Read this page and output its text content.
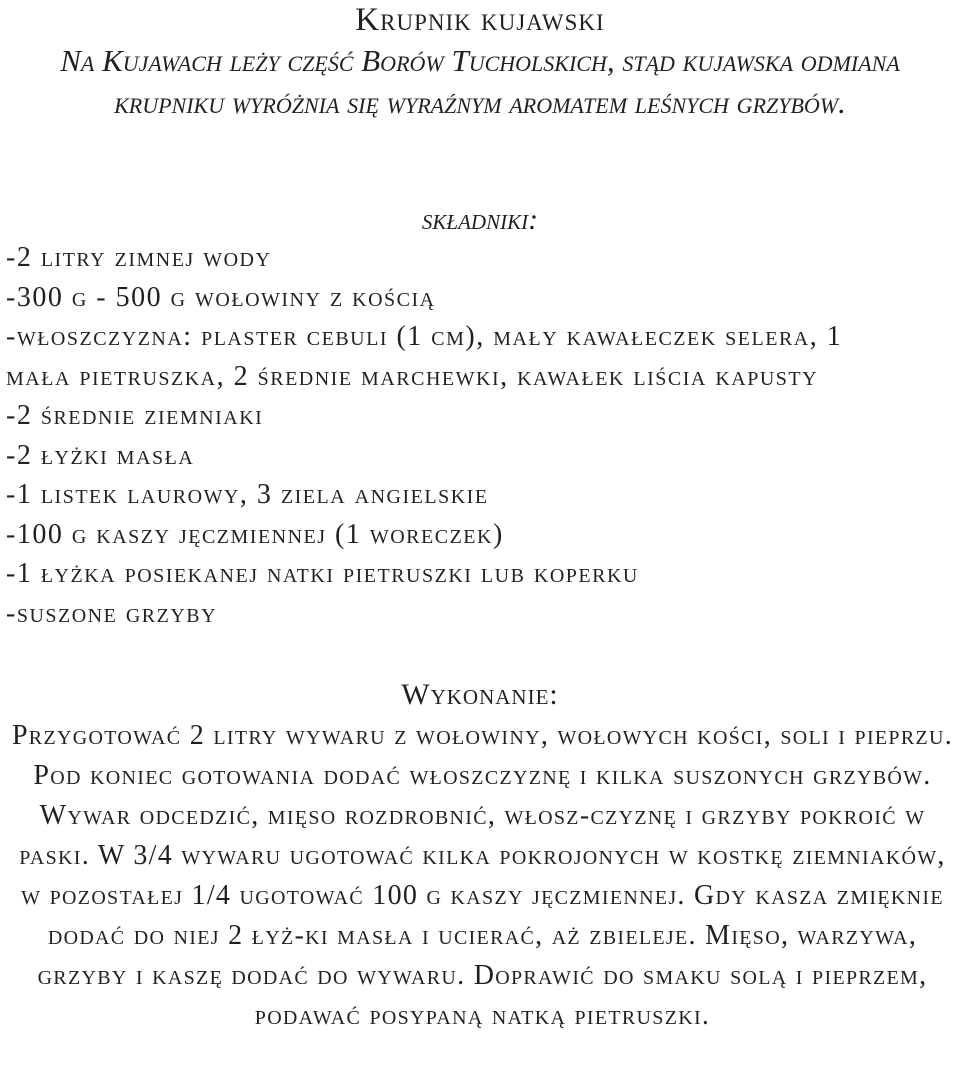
Krupnik kujawski
Na Kujawach leży część Borów Tucholskich, stąd kujawska odmiana krupniku wyróżnia się wyraźnym aromatem leśnych grzybów.
składniki:
-2 litry zimnej wody
-300 g - 500 g wołowiny z kością
-włoszczyzna: plaster cebuli (1 cm), mały kawałeczek selera, 1
mała pietruszka, 2 średnie marchewki, kawałek liścia kapusty
-2 średnie ziemniaki
-2 łyżki masła
-1 listek laurowy, 3 ziela angielskie
-100 g kaszy jęczmiennej (1 woreczek)
-1 łyżka posiekanej natki pietruszki lub koperku
-suszone grzyby
Wykonanie:

Przygotować 2 litry wywaru z wołowiny, wołowych kości, soli i pieprzu. Pod koniec gotowania dodać włoszczyznę i kilka suszonych grzybów. Wywar odcedzić, mięso rozdrobnić, włosz-czyznę i grzyby pokroić w paski. W 3/4 wywaru ugotować kilka pokrojonych w kostkę ziemniaków, w pozostałej 1/4 ugotować 100 g kaszy jęczmiennej. Gdy kasza zmięknie dodać do niej 2 łyż-ki masła i ucierać, aż zbieleje. Mięso, warzywa, grzyby i kaszę dodać do wywaru. Doprawić do smaku solą i pieprzem, podawać posypaną natką pietruszki.
